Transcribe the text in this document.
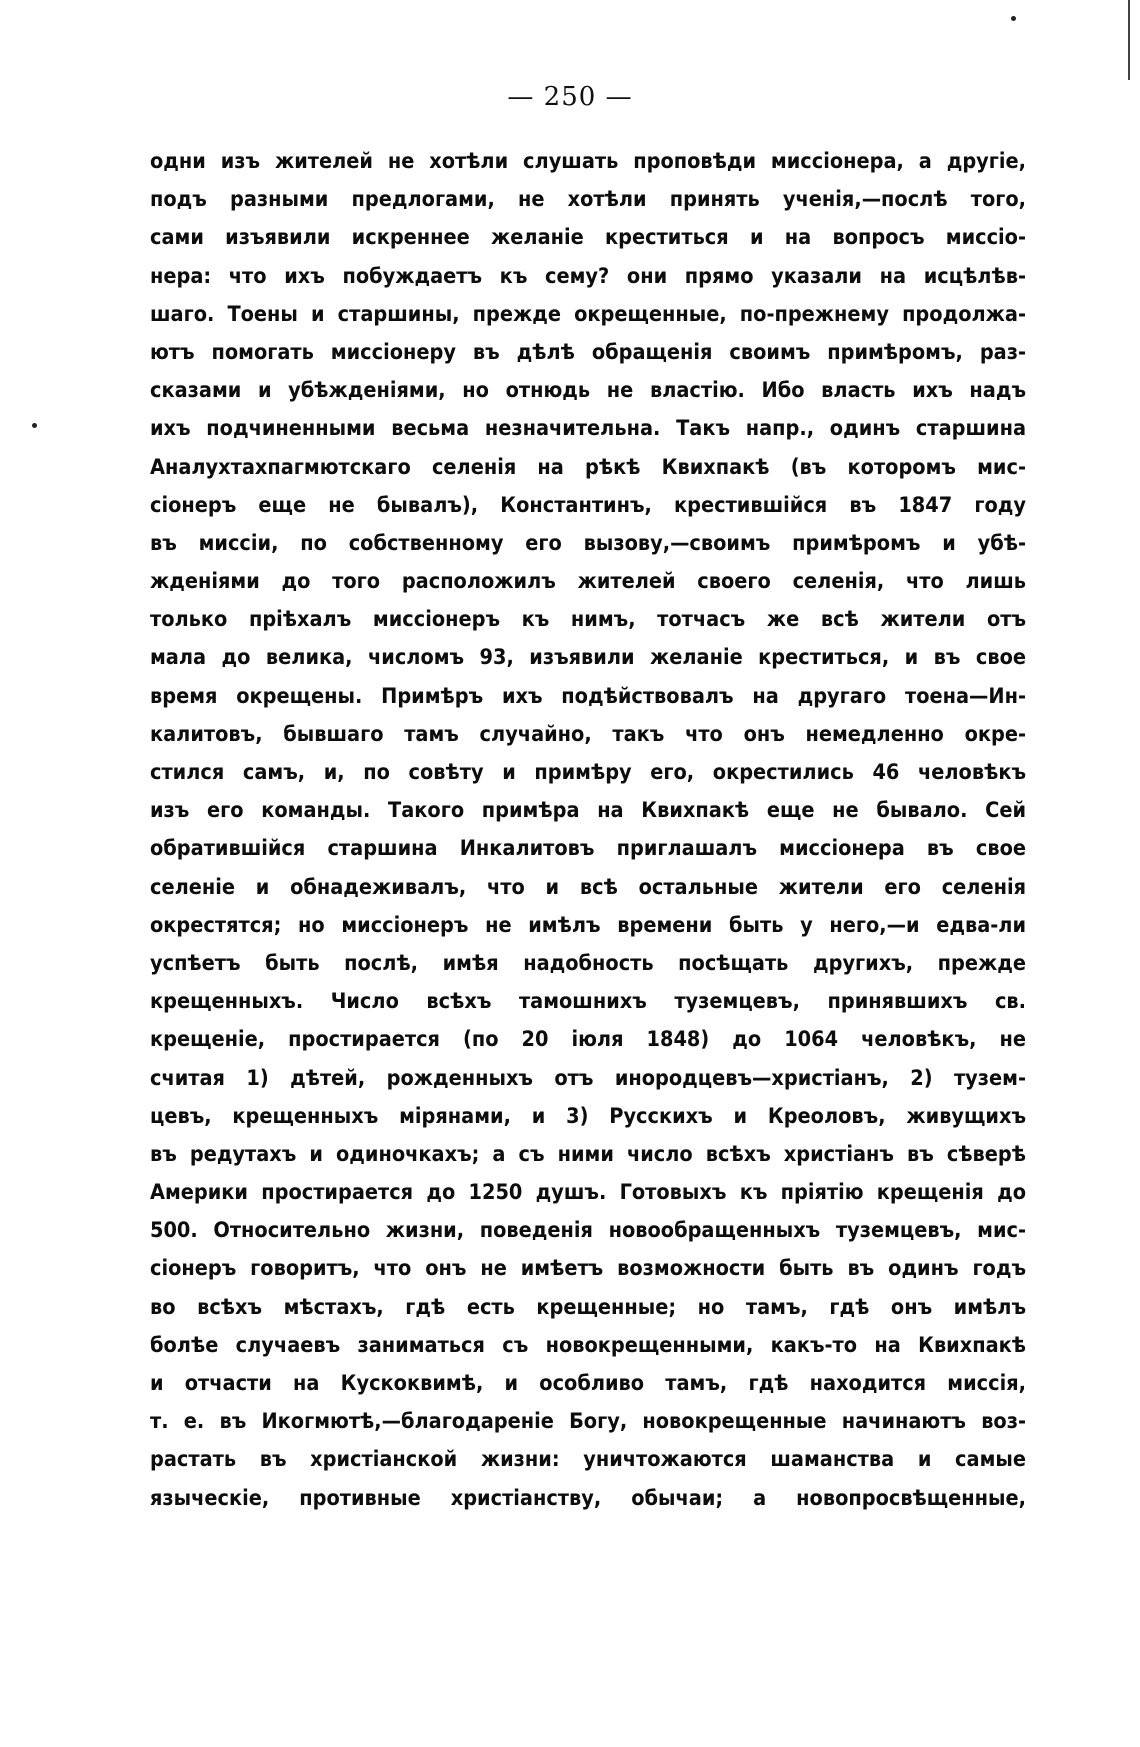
— 250 —
одни изъ жителей не хотѣли слушать проповѣди миссіонера, а другіе,
подъ разными предлогами, не хотѣли принять ученія,—послѣ того,
сами изъявили искреннее желаніе креститься и на вопросъ миссіо-
нера: что ихъ побуждаетъ къ сему? они прямо указали на исцѣлѣв-
шаго. Тоены и старшины, прежде окрещенные, по-прежнему продолжа-
ютъ помогать миссіонеру въ дѣлѣ обращенія своимъ примѣромъ, раз-
сказами и убѣжденіями, но отнюдь не властію. Ибо власть ихъ надъ
ихъ подчиненными весьма незначительна. Такъ напр., одинъ старшина
Аналухтахпагмютскаго селенія на рѣкѣ Квихпакѣ (въ которомъ мис-
сіонеръ еще не бывалъ), Константинъ, крестившійся въ 1847 году
въ миссіи, по собственному его вызову,—своимъ примѣромъ и убѣ-
жденіями до того расположилъ жителей своего селенія, что лишь
только пріѣхалъ миссіонеръ къ нимъ, тотчасъ же всѣ жители отъ
мала до велика, числомъ 93, изъявили желаніе креститься, и въ свое
время окрещены. Примѣръ ихъ подѣйствовалъ на другаго тоена—Ин-
калитовъ, бывшаго тамъ случайно, такъ что онъ немедленно окре-
стился самъ, и, по совѣту и примѣру его, окрестились 46 человѣкъ
изъ его команды. Такого примѣра на Квихпакѣ еще не бывало. Сей
обратившійся старшина Инкалитовъ приглашалъ миссіонера въ свое
селеніе и обнадеживалъ, что и всѣ остальные жители его селенія
окрестятся; но миссіонеръ не имѣлъ времени быть у него,—и едва-ли
успѣетъ быть послѣ, имѣя надобность посѣщать другихъ, прежде
крещенныхъ. Число всѣхъ тамошнихъ туземцевъ, принявшихъ св.
крещеніе, простирается (по 20 іюля 1848) до 1064 человѣкъ, не
считая 1) дѣтей, рожденныхъ отъ инородцевъ—христіанъ, 2) тузем-
цевъ, крещенныхъ мірянами, и 3) Русскихъ и Креоловъ, живущихъ
въ редутахъ и одиночкахъ; а съ ними число всѣхъ христіанъ въ сѣверѣ
Америки простирается до 1250 душъ. Готовыхъ къ пріятію крещенія до
500. Относительно жизни, поведенія новообращенныхъ туземцевъ, мис-
сіонеръ говоритъ, что онъ не имѣетъ возможности быть въ одинъ годъ
во всѣхъ мѣстахъ, гдѣ есть крещенные; но тамъ, гдѣ онъ имѣлъ
болѣе случаевъ заниматься съ новокрещенными, какъ-то на Квихпакѣ
и отчасти на Кускоквимѣ, и особливо тамъ, гдѣ находится миссія,
т. е. въ Икогмютѣ,—благодареніе Богу, новокрещенные начинаютъ воз-
растать въ христіанской жизни: уничтожаются шаманства и самые
языческіе, противные христіанству, обычаи; а новопросвѣщенные,
